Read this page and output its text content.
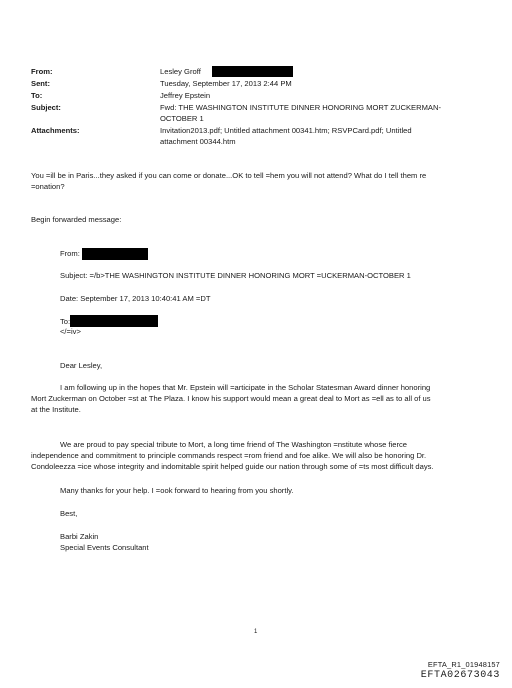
From:	Lesley Groff
Sent:	Tuesday, September 17, 2013 2:44 PM
To:	Jeffrey Epstein
Subject:	Fwd: THE WASHINGTON INSTITUTE DINNER HONORING MORT ZUCKERMAN-
OCTOBER 1
Attachments:	Invitation2013.pdf; Untitled attachment 00341.htm; RSVPCard.pdf; Untitled
attachment 00344.htm
You =ill be in Paris...they asked if you can come or donate...OK to tell =hem you will not attend? What do I tell them re
=onation?
Begin forwarded message:
From:
Subject: =/b>THE WASHINGTON INSTITUTE DINNER HONORING MORT =UCKERMAN-OCTOBER 1
Date: September 17, 2013 10:40:41 AM =DT
To:
</=iv>
Dear Lesley,
I am following up in the hopes that Mr. Epstein will =articipate in the Scholar Statesman Award dinner honoring
Mort Zuckerman on October =st at The Plaza. I know his support would mean a great deal to Mort as =ell as to all of us
at the Institute.
We are proud to pay special tribute to Mort, a long time friend of The Washington =nstitute whose fierce
independence and commitment to principle commands respect =rom friend and foe alike. We will also be honoring Dr.
Condoleezza =ice whose integrity and indomitable spirit helped guide our nation through some of =ts most difficult days.
Many thanks for your help. I =ook forward to hearing from you shortly.
Best,
Barbi Zakin
Special Events Consultant
1
EFTA_R1_01948157
EFTA02673043
